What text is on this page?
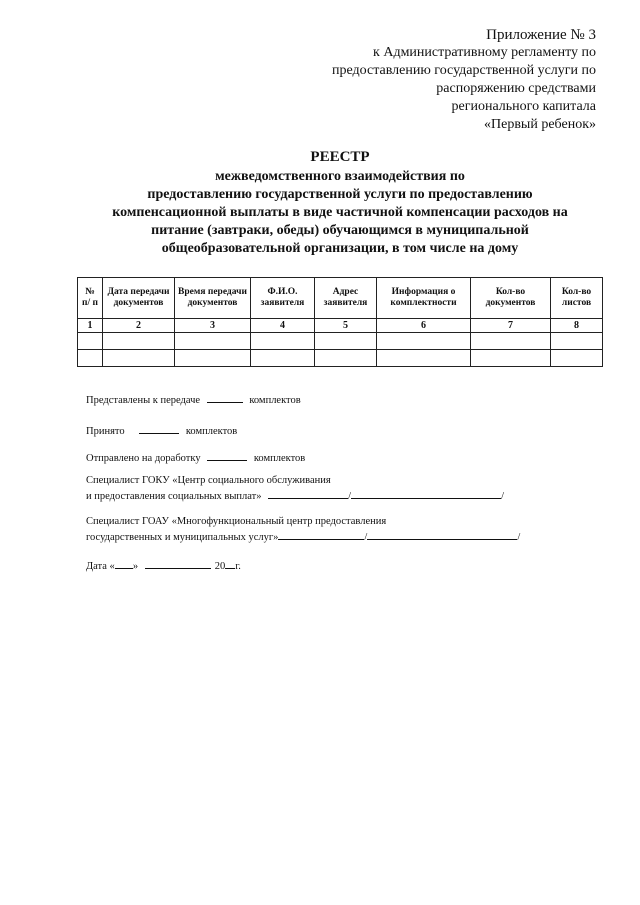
Приложение № 3
к Административному регламенту по
предоставлению государственной услуги по
распоряжению средствами
регионального капитала
«Первый ребенок»
РЕЕСТР
межведомственного взаимодействия по
предоставлению государственной услуги по предоставлению
компенсационной выплаты в виде частичной компенсации расходов на
питание (завтраки, обеды) обучающимся в муниципальной
общеобразовательной организации, в том числе на дому
№ п/ п	Дата передачи документов	Время передачи документов	Ф.И.О. заявителя	Адрес заявителя	Информация о комплектности	Кол-во документов	Кол-во листов
1	2	3	4	5	6	7	8

Представлены к передаче	комплектов
Принято	комплектов
Отправлено на доработку	комплектов
Специалист ГОКУ «Центр социального обслуживания
и предоставления социальных выплат»	/	/
Специалист ГОАУ «Многофункциональный центр предоставления
государственных и муниципальных услуг»	/	/
Дата « »	20 г.
